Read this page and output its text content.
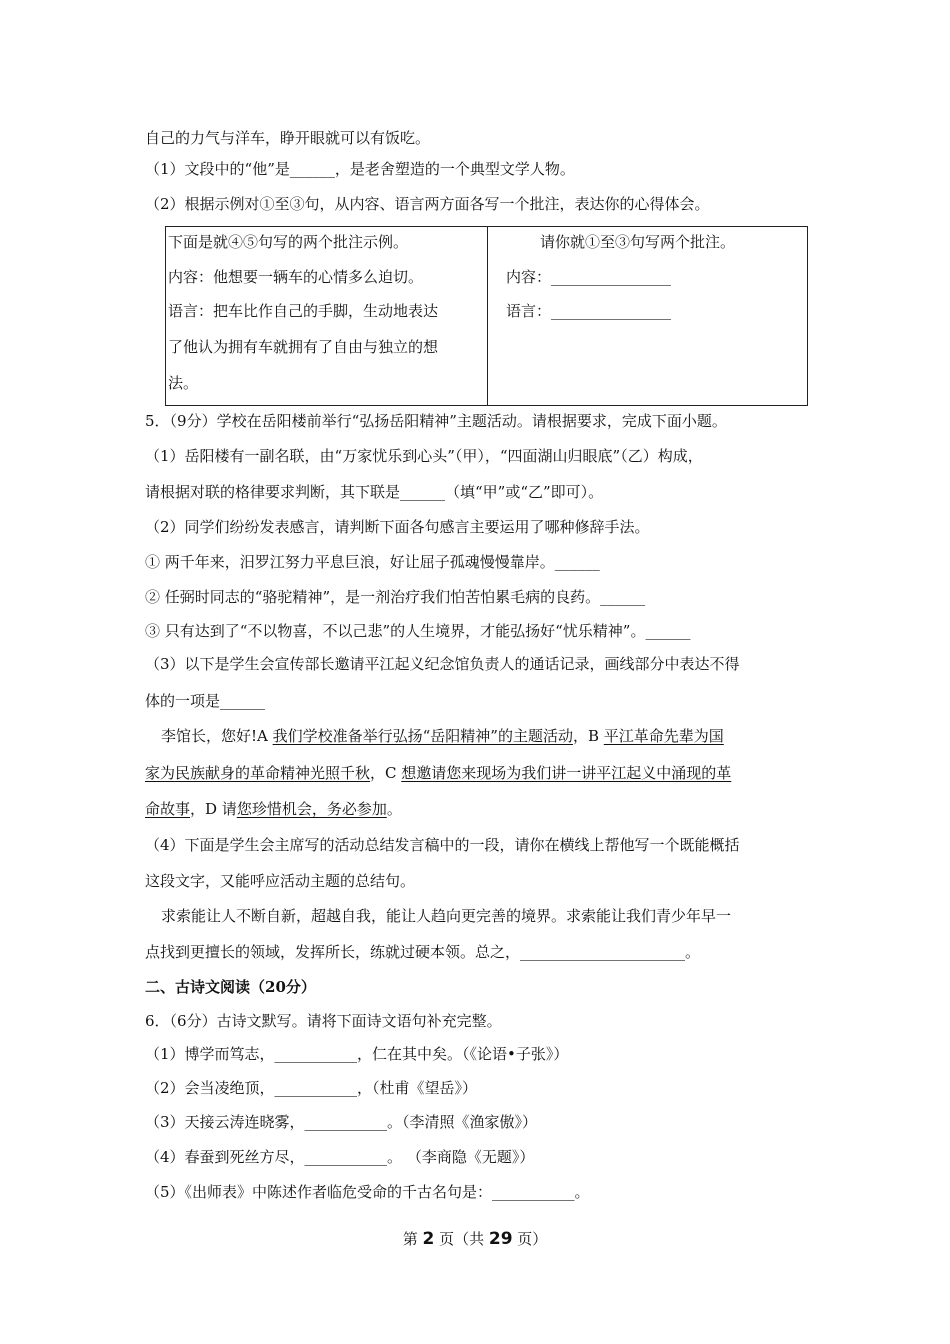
自己的力气与洋车，睁开眼就可以有饭吃。
（1）文段中的“他”是______，是老舍塑造的一个典型文学人物。
（2）根据示例对①至③句，从内容、语言两方面各写一个批注，表达你的心得体会。
下面是就④⑤句写的两个批注示例。
内容：他想要一辆车的心情多么迫切。
语言：把车比作自己的手脚，生动地表达
了他认为拥有车就拥有了自由与独立的想
法。
请你就①至③句写两个批注。
内容：________________
语言：________________
5．（9分）学校在岳阳楼前举行“弘扬岳阳精神”主题活动。请根据要求，完成下面小题。
（1）岳阳楼有一副名联，由“万家忧乐到心头”（甲），“四面湖山归眼底”（乙）构成，
请根据对联的格律要求判断，其下联是______（填“甲”或“乙”即可）。
（2）同学们纷纷发表感言，请判断下面各句感言主要运用了哪种修辞手法。
① 两千年来，汨罗江努力平息巨浪，好让屈子孤魂慢慢靠岸。______
② 任弼时同志的“骆驼精神”，是一剂治疗我们怕苦怕累毛病的良药。______
③ 只有达到了“不以物喜，不以己悲”的人生境界，才能弘扬好“忧乐精神”。______
（3）以下是学生会宣传部长邀请平江起义纪念馆负责人的通话记录，画线部分中表达不得
体的一项是______
李馆长，您好!A 我们学校准备举行弘扬“岳阳精神”的主题活动，B 平江革命先辈为国
家为民族献身的革命精神光照千秋，C 想邀请您来现场为我们讲一讲平江起义中涌现的革
命故事，D 请您珍惜机会，务必参加。
（4）下面是学生会主席写的活动总结发言稿中的一段，请你在横线上帮他写一个既能概括
这段文字，又能呼应活动主题的总结句。
求索能让人不断自新，超越自我，能让人趋向更完善的境界。求索能让我们青少年早一
点找到更擅长的领域，发挥所长，练就过硬本领。总之，______________________。
二、古诗文阅读（20分）
6．（6分）古诗文默写。请将下面诗文语句补充完整。
（1）博学而笃志，___________，仁在其中矣。（《论语•子张》）
（2）会当凌绝顶，___________，（杜甫《望岳》）
（3）天接云涛连晓雾，___________。（李清照《渔家傲》）
（4）春蚕到死丝方尽，___________。 （李商隐《无题》）
（5）《出师表》中陈述作者临危受命的千古名句是：___________。
第 2 页（共 29 页）
